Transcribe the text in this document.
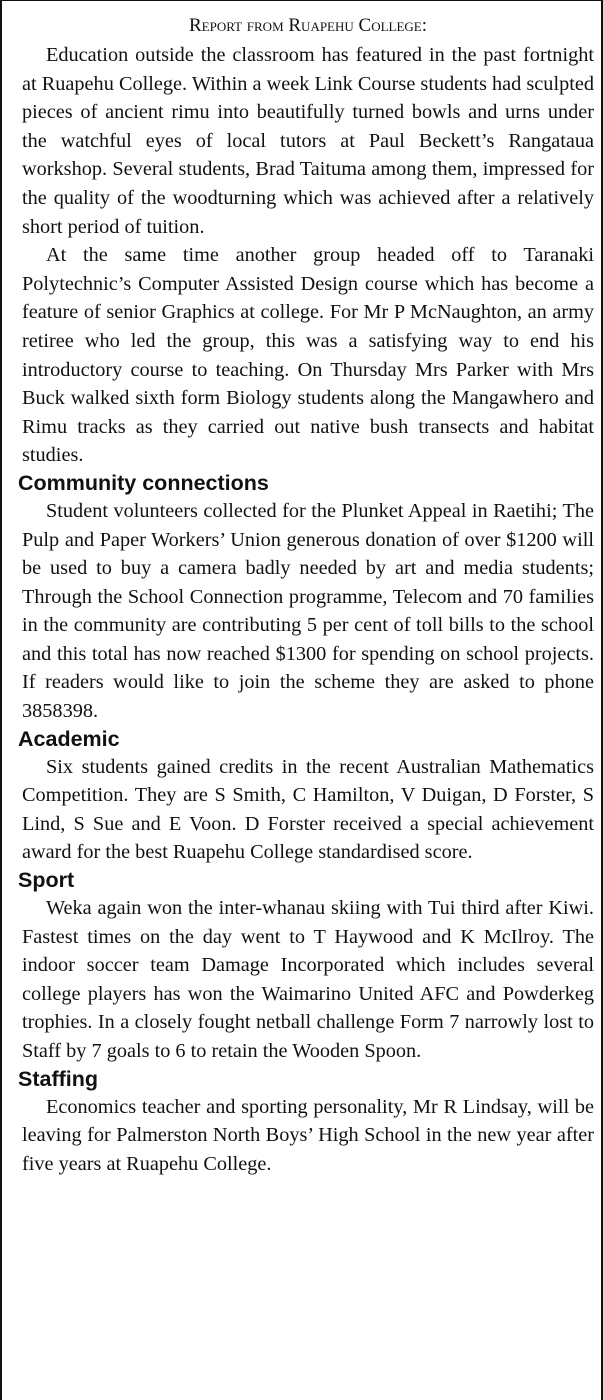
Report from Ruapehu College:

Education outside the classroom has featured in the past fortnight at Ruapehu College. Within a week Link Course students had sculpted pieces of ancient rimu into beautifully turned bowls and urns under the watchful eyes of local tutors at Paul Beckett’s Rangataua workshop. Several students, Brad Taituma among them, impressed for the quality of the woodturning which was achieved after a relatively short period of tuition.

At the same time another group headed off to Taranaki Polytechnic’s Computer Assisted Design course which has become a feature of senior Graphics at college. For Mr P McNaughton, an army retiree who led the group, this was a satisfying way to end his introductory course to teaching. On Thursday Mrs Parker with Mrs Buck walked sixth form Biology students along the Mangawhero and Rimu tracks as they carried out native bush transects and habitat studies.

Community connections

Student volunteers collected for the Plunket Appeal in Raetihi; The Pulp and Paper Workers’ Union generous donation of over $1200 will be used to buy a camera badly needed by art and media students; Through the School Connection programme, Telecom and 70 families in the community are contributing 5 per cent of toll bills to the school and this total has now reached $1300 for spending on school projects. If readers would like to join the scheme they are asked to phone 3858398.

Academic

Six students gained credits in the recent Australian Mathematics Competition. They are S Smith, C Hamilton, V Duigan, D Forster, S Lind, S Sue and E Voon. D Forster received a special achievement award for the best Ruapehu College standardised score.

Sport

Weka again won the inter-whanau skiing with Tui third after Kiwi. Fastest times on the day went to T Haywood and K McIlroy. The indoor soccer team Damage Incorporated which includes several college players has won the Waimarino United AFC and Powderkeg trophies. In a closely fought netball challenge Form 7 narrowly lost to Staff by 7 goals to 6 to retain the Wooden Spoon.

Staffing

Economics teacher and sporting personality, Mr R Lindsay, will be leaving for Palmerston North Boys’ High School in the new year after five years at Ruapehu College.
